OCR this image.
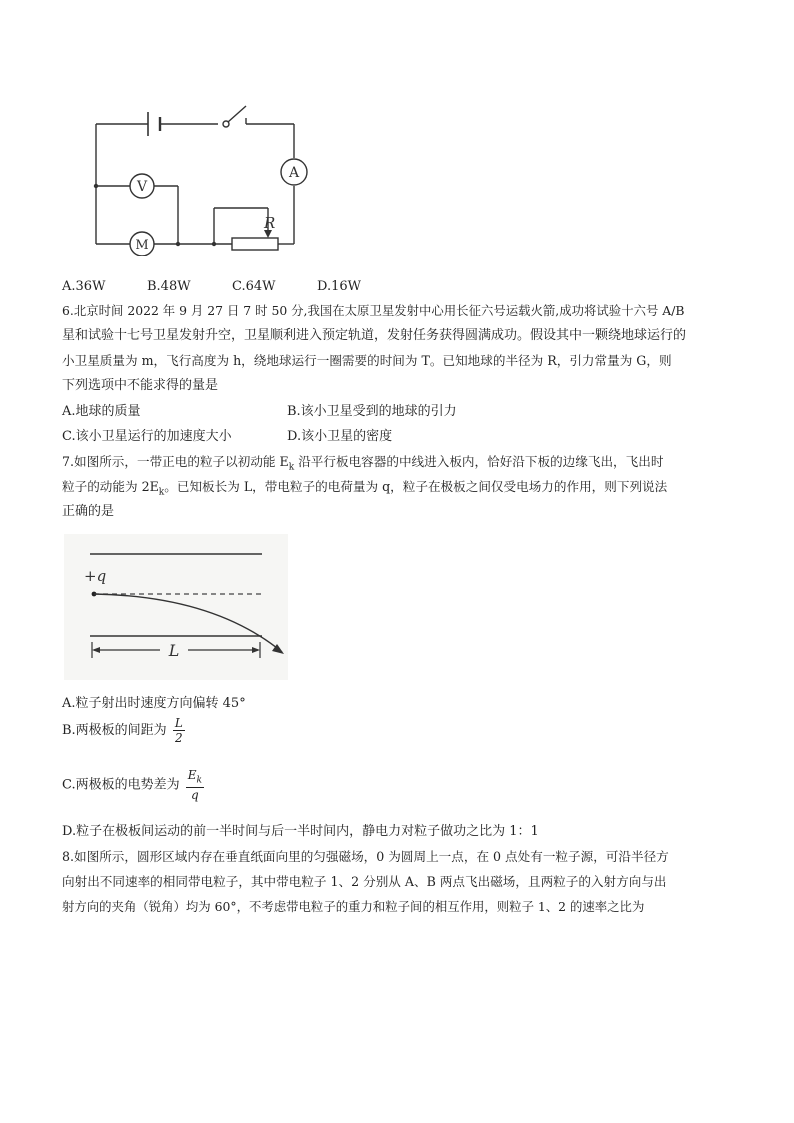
V
M
A
R
A.36W	B.48W	C.64W	D.16W
6.北京时间 2022 年 9 月 27 日 7 时 50 分,我国在太原卫星发射中心用长征六号运载火箭,成功将试验十六号 A/B
星和试验十七号卫星发射升空，卫星顺利进入预定轨道，发射任务获得圆满成功。假设其中一颗绕地球运行的
小卫星质量为 m，飞行高度为 h，绕地球运行一圈需要的时间为 T。已知地球的半径为 R，引力常量为 G，则
下列选项中不能求得的量是
A.地球的质量	B.该小卫星受到的地球的引力
C.该小卫星运行的加速度大小	D.该小卫星的密度
7.如图所示，一带正电的粒子以初动能 $E_k$ 沿平行板电容器的中线进入板内，恰好沿下板的边缘飞出，飞出时
粒子的动能为 $2E_k$。已知板长为 L，带电粒子的电荷量为 q，粒子在极板之间仅受电场力的作用，则下列说法
正确的是
+q
L
A.粒子射出时速度方向偏转 45°
B.两极板的间距为 $\frac{L}{2}$
C.两极板的电势差为 $\frac{E_k}{q}$
D.粒子在极板间运动的前一半时间与后一半时间内，静电力对粒子做功之比为 1：1
8.如图所示，圆形区域内存在垂直纸面向里的匀强磁场，0 为圆周上一点，在 0 点处有一粒子源，可沿半径方
向射出不同速率的相同带电粒子，其中带电粒子 1、2 分别从 A、B 两点飞出磁场，且两粒子的入射方向与出
射方向的夹角（锐角）均为 60°，不考虑带电粒子的重力和粒子间的相互作用，则粒子 1、2 的速率之比为
